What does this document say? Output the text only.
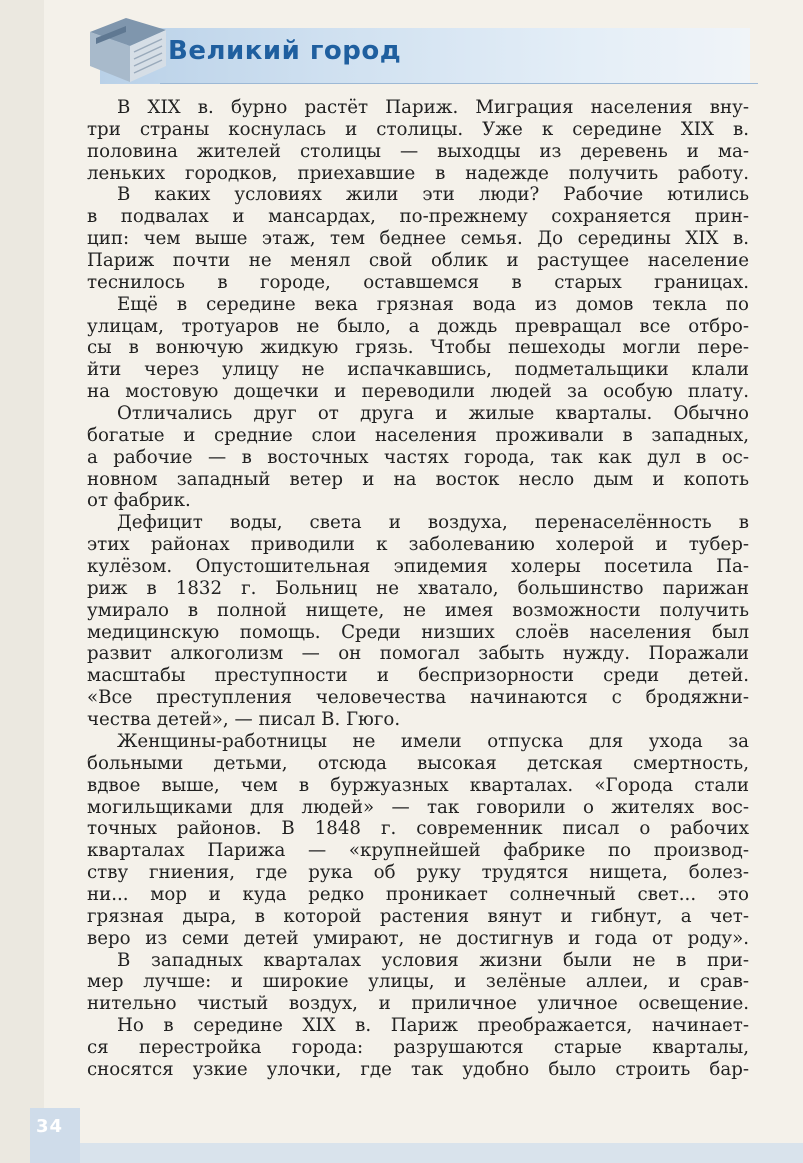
Великий город
В XIX в. бурно растёт Париж. Миграция населения вну-
три страны коснулась и столицы. Уже к середине XIX в.
половина жителей столицы — выходцы из деревень и ма-
леньких городков, приехавшие в надежде получить работу.
В каких условиях жили эти люди? Рабочие ютились
в подвалах и мансардах, по-прежнему сохраняется прин-
цип: чем выше этаж, тем беднее семья. До середины XIX в.
Париж почти не менял свой облик и растущее население
теснилось в городе, оставшемся в старых границах.
Ещё в середине века грязная вода из домов текла по
улицам, тротуаров не было, а дождь превращал все отбро-
сы в вонючую жидкую грязь. Чтобы пешеходы могли пере-
йти через улицу не испачкавшись, подметальщики клали
на мостовую дощечки и переводили людей за особую плату.
Отличались друг от друга и жилые кварталы. Обычно
богатые и средние слои населения проживали в западных,
а рабочие — в восточных частях города, так как дул в ос-
новном западный ветер и на восток несло дым и копоть
от фабрик.
Дефицит воды, света и воздуха, перенаселённость в
этих районах приводили к заболеванию холерой и тубер-
кулёзом. Опустошительная эпидемия холеры посетила Па-
риж в 1832 г. Больниц не хватало, большинство парижан
умирало в полной нищете, не имея возможности получить
медицинскую помощь. Среди низших слоёв населения был
развит алкоголизм — он помогал забыть нужду. Поражали
масштабы преступности и беспризорности среди детей.
«Все преступления человечества начинаются с бродяжни-
чества детей», — писал В. Гюго.
Женщины-работницы не имели отпуска для ухода за
больными детьми, отсюда высокая детская смертность,
вдвое выше, чем в буржуазных кварталах. «Города стали
могильщиками для людей» — так говорили о жителях вос-
точных районов. В 1848 г. современник писал о рабочих
кварталах Парижа — «крупнейшей фабрике по производ-
ству гниения, где рука об руку трудятся нищета, болез-
ни... мор и куда редко проникает солнечный свет... это
грязная дыра, в которой растения вянут и гибнут, а чет-
веро из семи детей умирают, не достигнув и года от роду».
В западных кварталах условия жизни были не в при-
мер лучше: и широкие улицы, и зелёные аллеи, и срав-
нительно чистый воздух, и приличное уличное освещение.
Но в середине XIX в. Париж преображается, начинает-
ся перестройка города: разрушаются старые кварталы,
сносятся узкие улочки, где так удобно было строить бар-
34
